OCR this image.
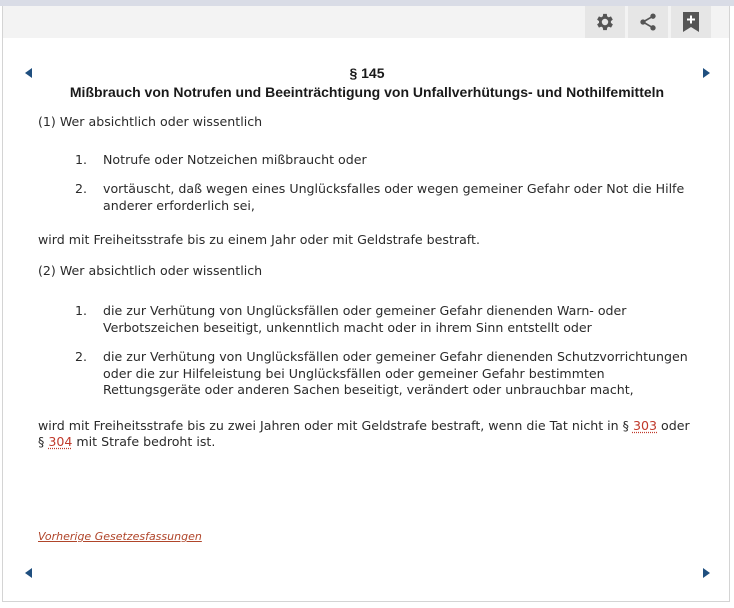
§ 145
Mißbrauch von Notrufen und Beeinträchtigung von Unfallverhütungs- und Nothilfemitteln

(1) Wer absichtlich oder wissentlich

1. Notrufe oder Notzeichen mißbraucht oder
2. vortäuscht, daß wegen eines Unglücksfalles oder wegen gemeiner Gefahr oder Not die Hilfe anderer erforderlich sei,

wird mit Freiheitsstrafe bis zu einem Jahr oder mit Geldstrafe bestraft.

(2) Wer absichtlich oder wissentlich

1. die zur Verhütung von Unglücksfällen oder gemeiner Gefahr dienenden Warn- oder Verbotszeichen beseitigt, unkenntlich macht oder in ihrem Sinn entstellt oder
2. die zur Verhütung von Unglücksfällen oder gemeiner Gefahr dienenden Schutzvorrichtungen oder die zur Hilfeleistung bei Unglücksfällen oder gemeiner Gefahr bestimmten Rettungsgeräte oder anderen Sachen beseitigt, verändert oder unbrauchbar macht,

wird mit Freiheitsstrafe bis zu zwei Jahren oder mit Geldstrafe bestraft, wenn die Tat nicht in § 303 oder § 304 mit Strafe bedroht ist.

Vorherige Gesetzesfassungen
